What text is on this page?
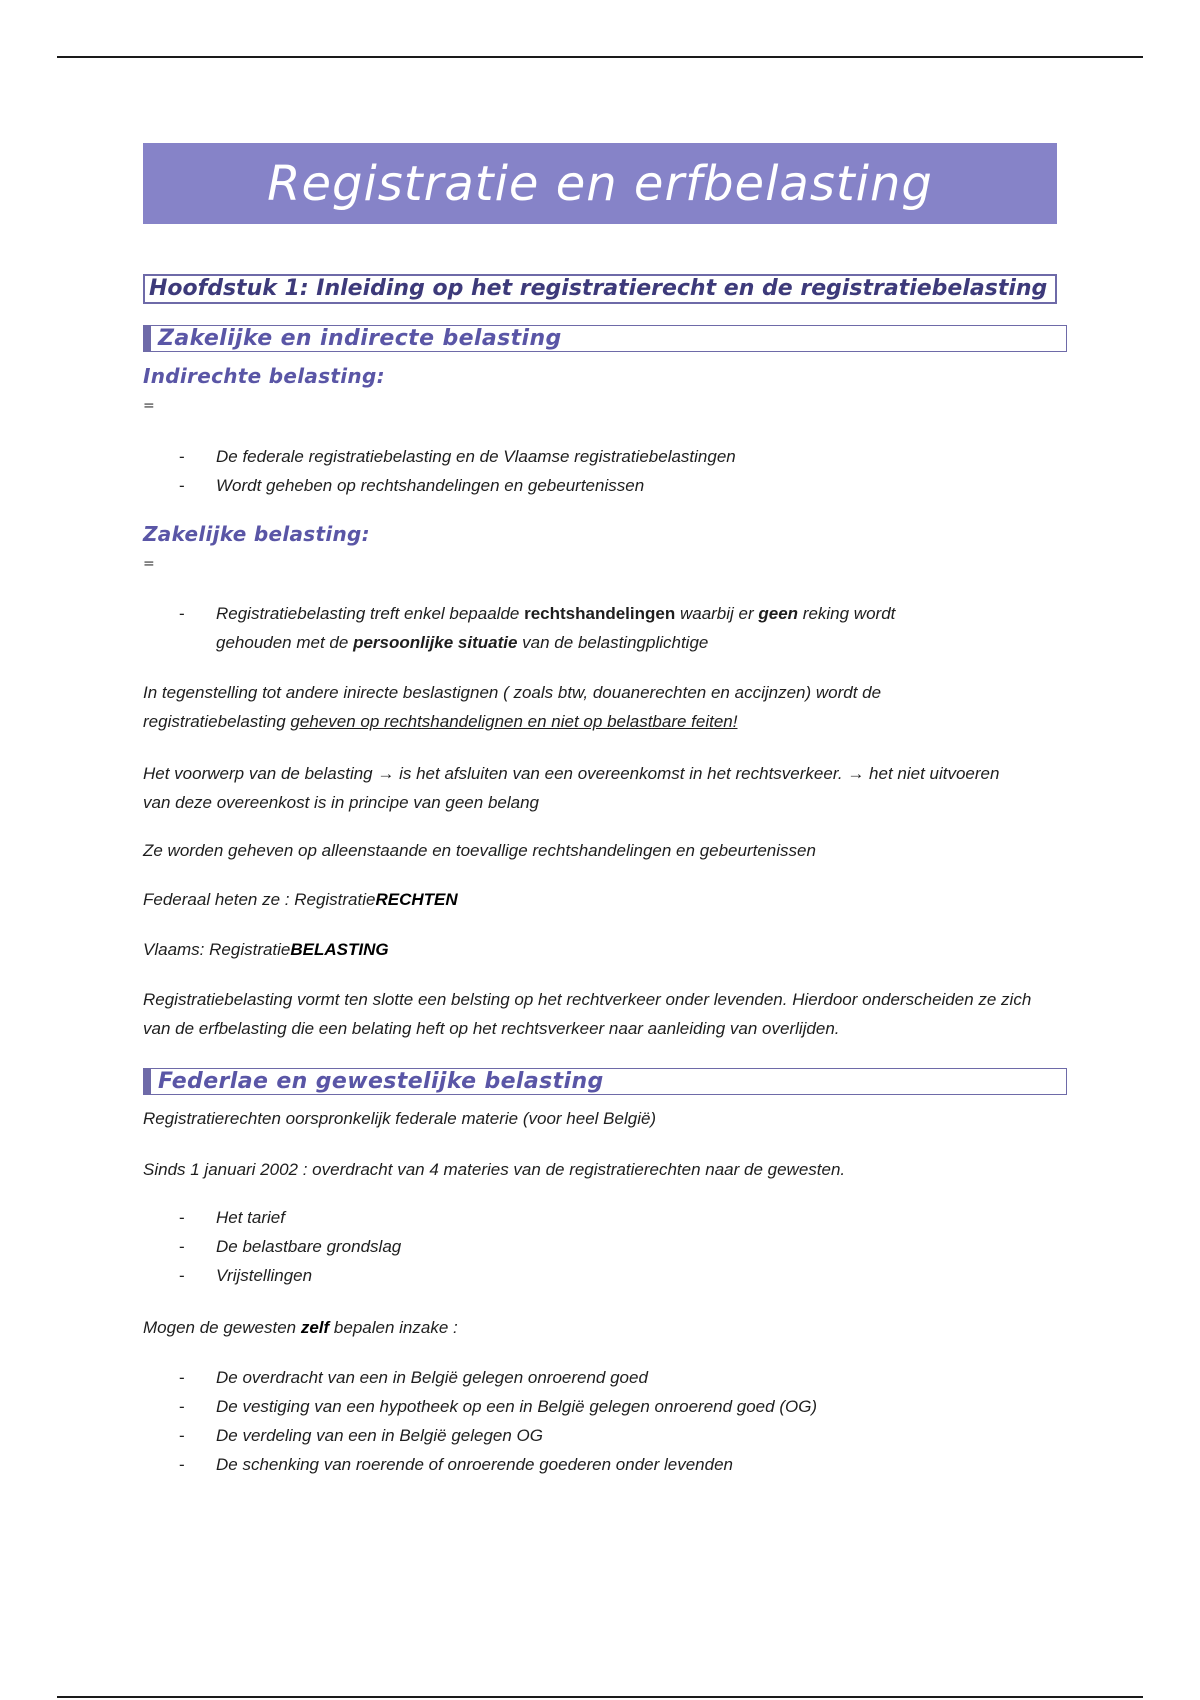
Registratie en erfbelasting
Hoofdstuk 1: Inleiding op het registratierecht en de registratiebelasting
Zakelijke en indirecte belasting
Indirechte belasting:
=
- De federale registratiebelasting en de Vlaamse registratiebelastingen
- Wordt geheben op rechtshandelingen en gebeurtenissen
Zakelijke belasting:
=
- Registratiebelasting treft enkel bepaalde rechtshandelingen waarbij er geen reking wordt gehouden met de persoonlijke situatie van de belastingplichtige
In tegenstelling tot andere inirecte beslastignen ( zoals btw, douanerechten en accijnzen) wordt de registratiebelasting geheven op rechtshandelignen en niet op belastbare feiten!
Het voorwerp van de belasting → is het afsluiten van een overeenkomst in het rechtsverkeer. → het niet uitvoeren van deze overeenkost is in principe van geen belang
Ze worden geheven op alleenstaande en toevallige rechtshandelingen en gebeurtenissen
Federaal heten ze : RegistratieRECHTEN
Vlaams: RegistratieBELASTING
Registratiebelasting vormt ten slotte een belsting op het rechtverkeer onder levenden. Hierdoor onderscheiden ze zich van de erfbelasting die een belating heft op het rechtsverkeer naar aanleiding van overlijden.
Federlae en gewestelijke belasting
Registratierechten oorspronkelijk federale materie (voor heel België)
Sinds 1 januari 2002 : overdracht van 4 materies van de registratierechten naar de gewesten.
- Het tarief
- De belastbare grondslag
- Vrijstellingen
Mogen de gewesten zelf bepalen inzake :
- De overdracht van een in België gelegen onroerend goed
- De vestiging van een hypotheek op een in België gelegen onroerend goed (OG)
- De verdeling van een in België gelegen OG
- De schenking van roerende of onroerende goederen onder levenden
